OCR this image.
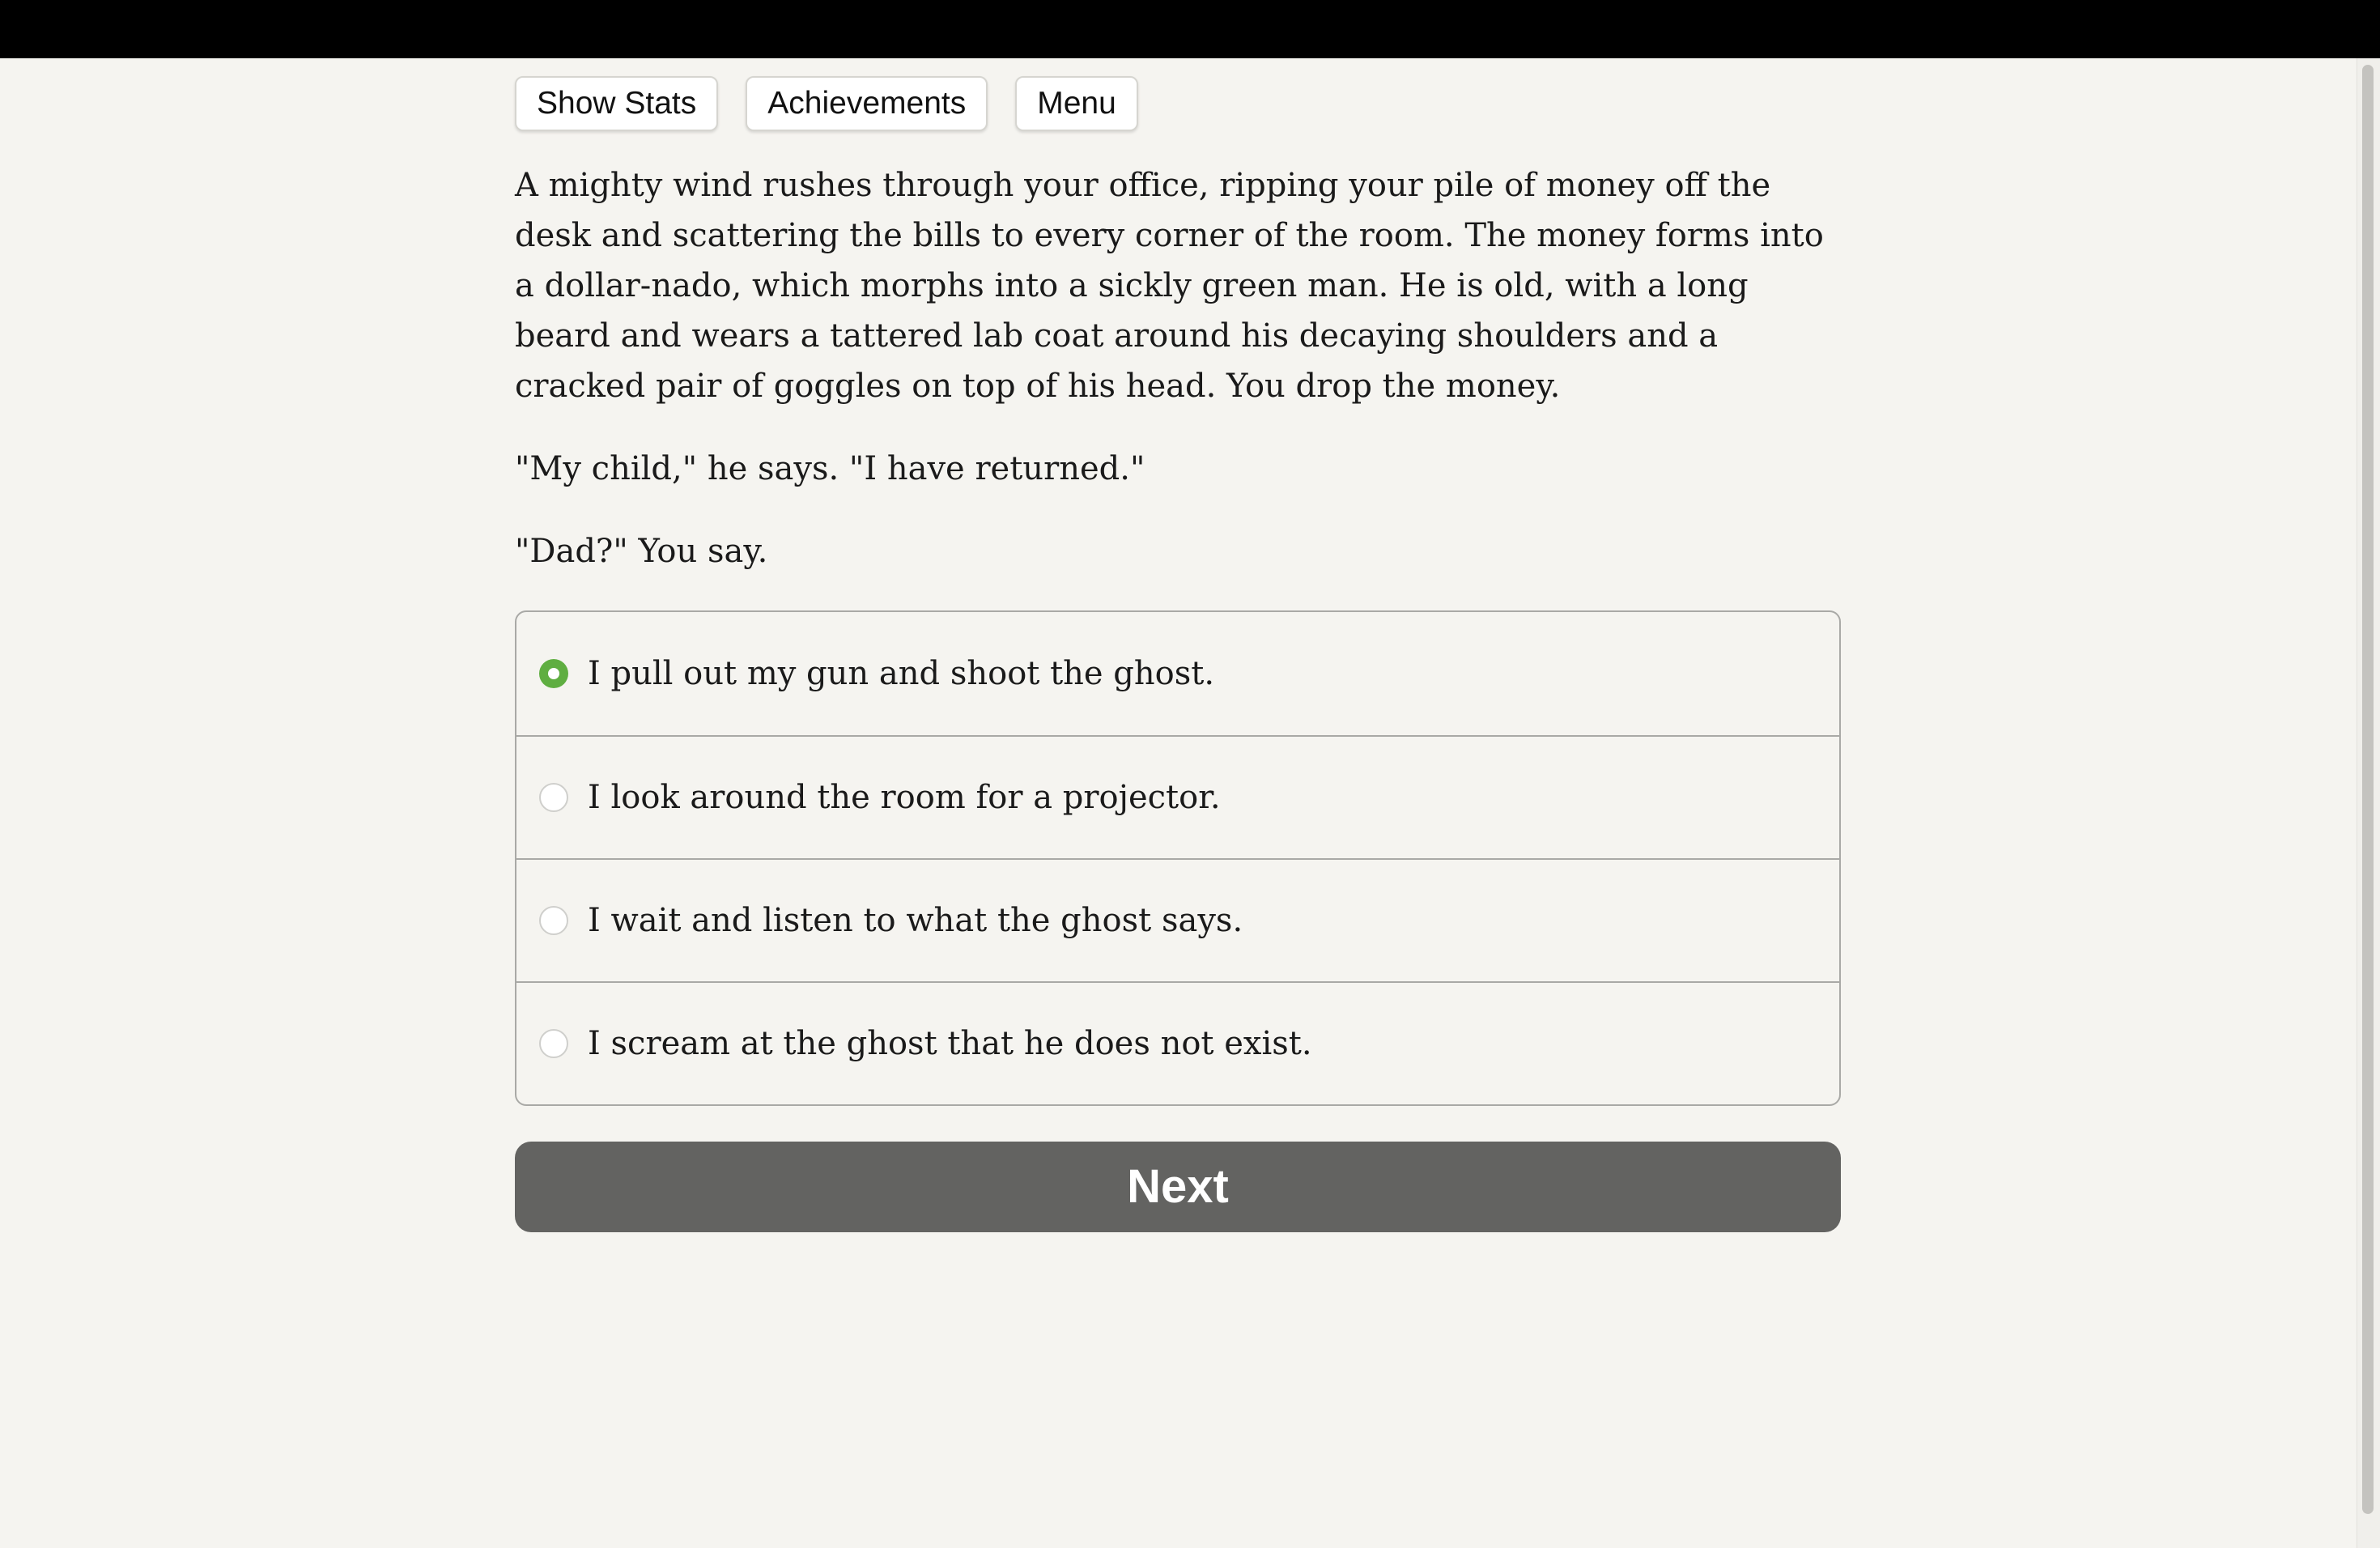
Show Stats	Achievements	Menu

A mighty wind rushes through your office, ripping your pile of money off the desk and scattering the bills to every corner of the room. The money forms into a dollar-nado, which morphs into a sickly green man. He is old, with a long beard and wears a tattered lab coat around his decaying shoulders and a cracked pair of goggles on top of his head. You drop the money.

"My child," he says. "I have returned."

"Dad?" You say.

I pull out my gun and shoot the ghost.
I look around the room for a projector.
I wait and listen to what the ghost says.
I scream at the ghost that he does not exist.
Next
